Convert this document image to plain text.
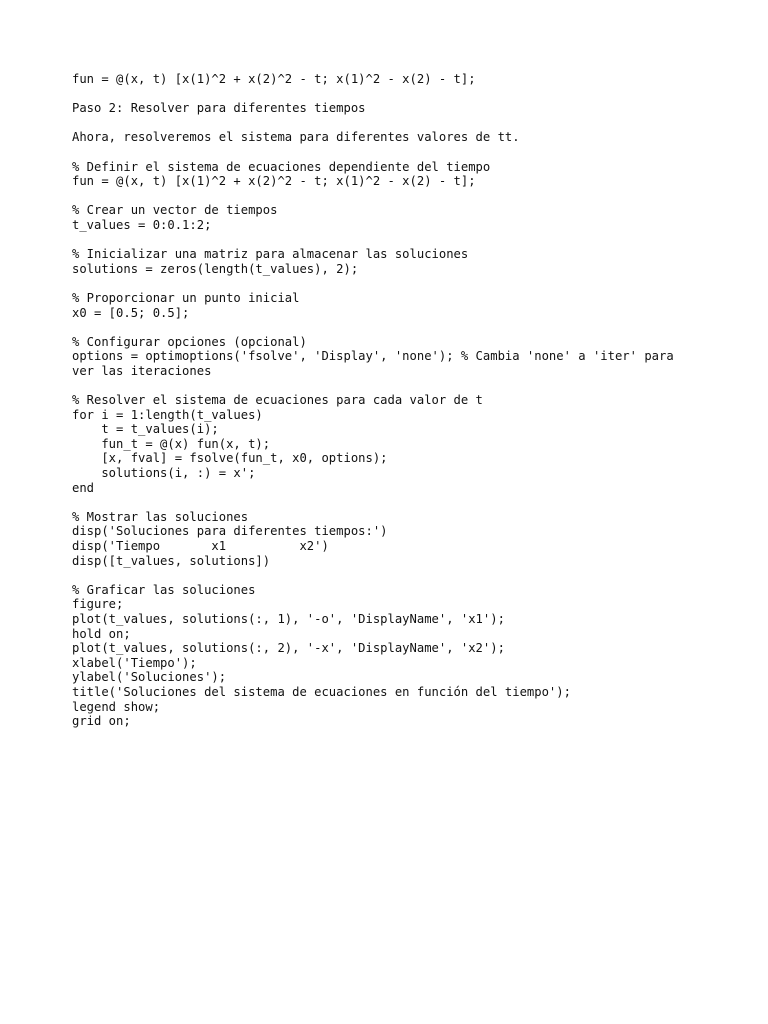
fun = @(x, t) [x(1)^2 + x(2)^2 - t; x(1)^2 - x(2) - t];
Paso 2: Resolver para diferentes tiempos
Ahora, resolveremos el sistema para diferentes valores de tt.
% Definir el sistema de ecuaciones dependiente del tiempo
fun = @(x, t) [x(1)^2 + x(2)^2 - t; x(1)^2 - x(2) - t];
% Crear un vector de tiempos
t_values = 0:0.1:2;
% Inicializar una matriz para almacenar las soluciones
solutions = zeros(length(t_values), 2);
% Proporcionar un punto inicial
x0 = [0.5; 0.5];
% Configurar opciones (opcional)
options = optimoptions('fsolve', 'Display', 'none'); % Cambia 'none' a 'iter' para
ver las iteraciones
% Resolver el sistema de ecuaciones para cada valor de t
for i = 1:length(t_values)
t = t_values(i);
fun_t = @(x) fun(x, t);
[x, fval] = fsolve(fun_t, x0, options);
solutions(i, :) = x';
end
% Mostrar las soluciones
disp('Soluciones para diferentes tiempos:')
disp('Tiempo       x1          x2')
disp([t_values, solutions])
% Graficar las soluciones
figure;
plot(t_values, solutions(:, 1), '-o', 'DisplayName', 'x1');
hold on;
plot(t_values, solutions(:, 2), '-x', 'DisplayName', 'x2');
xlabel('Tiempo');
ylabel('Soluciones');
title('Soluciones del sistema de ecuaciones en función del tiempo');
legend show;
grid on;
